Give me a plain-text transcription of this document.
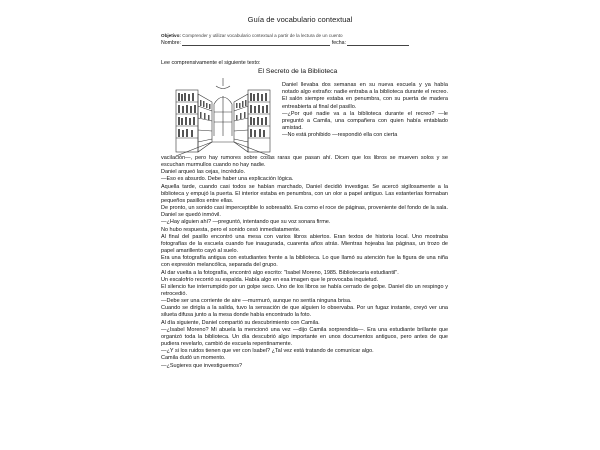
Guía de vocabulario contextual
Objetivo: Comprender y utilizar vocabulario contextual a partir de la lectura de un cuento
Nombre:	fecha:
Lee comprensivamente el siguiente texto:
El Secreto de la Biblioteca

Daniel llevaba dos semanas en su nueva escuela y ya había notado algo extraño: nadie entraba a la biblioteca durante el recreo. El salón siempre estaba en penumbra, con su puerta de madera entreabierta al final del pasillo.

—¿Por qué nadie va a la biblioteca durante el recreo? —le preguntó a Camila, una compañera con quien había entablado amistad.

—No está prohibido —respondió ella con cierta

vacilación—, pero hay rumores sobre cosas raras que pasan ahí. Dicen que los libros se mueven solos y se escuchan murmullos cuando no hay nadie.

Daniel arqueó las cejas, incrédulo.

—Eso es absurdo. Debe haber una explicación lógica.

Aquella tarde, cuando casi todos se habían marchado, Daniel decidió investigar. Se acercó sigilosamente a la biblioteca y empujó la puerta. El interior estaba en penumbra, con un olor a papel antiguo. Las estanterías formaban pequeños pasillos entre ellas.

De pronto, un sonido casi imperceptible lo sobresaltó. Era como el roce de páginas, proveniente del fondo de la sala. Daniel se quedó inmóvil.

—¿Hay alguien ahí? —preguntó, intentando que su voz sonara firme.

No hubo respuesta, pero el sonido cesó inmediatamente.

Al final del pasillo encontró una mesa con varios libros abiertos. Eran textos de historia local. Uno mostraba fotografías de la escuela cuando fue inaugurada, cuarenta años atrás. Mientras hojeaba las páginas, un trozo de papel amarillento cayó al suelo.

Era una fotografía antigua con estudiantes frente a la biblioteca. Lo que llamó su atención fue la figura de una niña con expresión melancólica, separada del grupo.

Al dar vuelta a la fotografía, encontró algo escrito: "Isabel Moreno, 1985. Bibliotecaria estudiantil".

Un escalofrío recorrió su espalda. Había algo en esa imagen que le provocaba inquietud.

El silencio fue interrumpido por un golpe seco. Uno de los libros se había cerrado de golpe. Daniel dio un respingo y retrocedió.

—Debe ser una corriente de aire —murmuró, aunque no sentía ninguna brisa.

Cuando se dirigía a la salida, tuvo la sensación de que alguien lo observaba. Por un fugaz instante, creyó ver una silueta difusa junto a la mesa donde había encontrado la foto.

Al día siguiente, Daniel compartió su descubrimiento con Camila.

—¿Isabel Moreno? Mi abuela la mencionó una vez —dijo Camila sorprendida—. Era una estudiante brillante que organizó toda la biblioteca. Un día descubrió algo importante en unos documentos antiguos, pero antes de que pudiera revelarlo, cambió de escuela repentinamente.

—¿Y si los ruidos tienen que ver con Isabel? ¿Tal vez está tratando de comunicar algo.

Camila dudó un momento.

—¿Sugieres que investiguemos?
